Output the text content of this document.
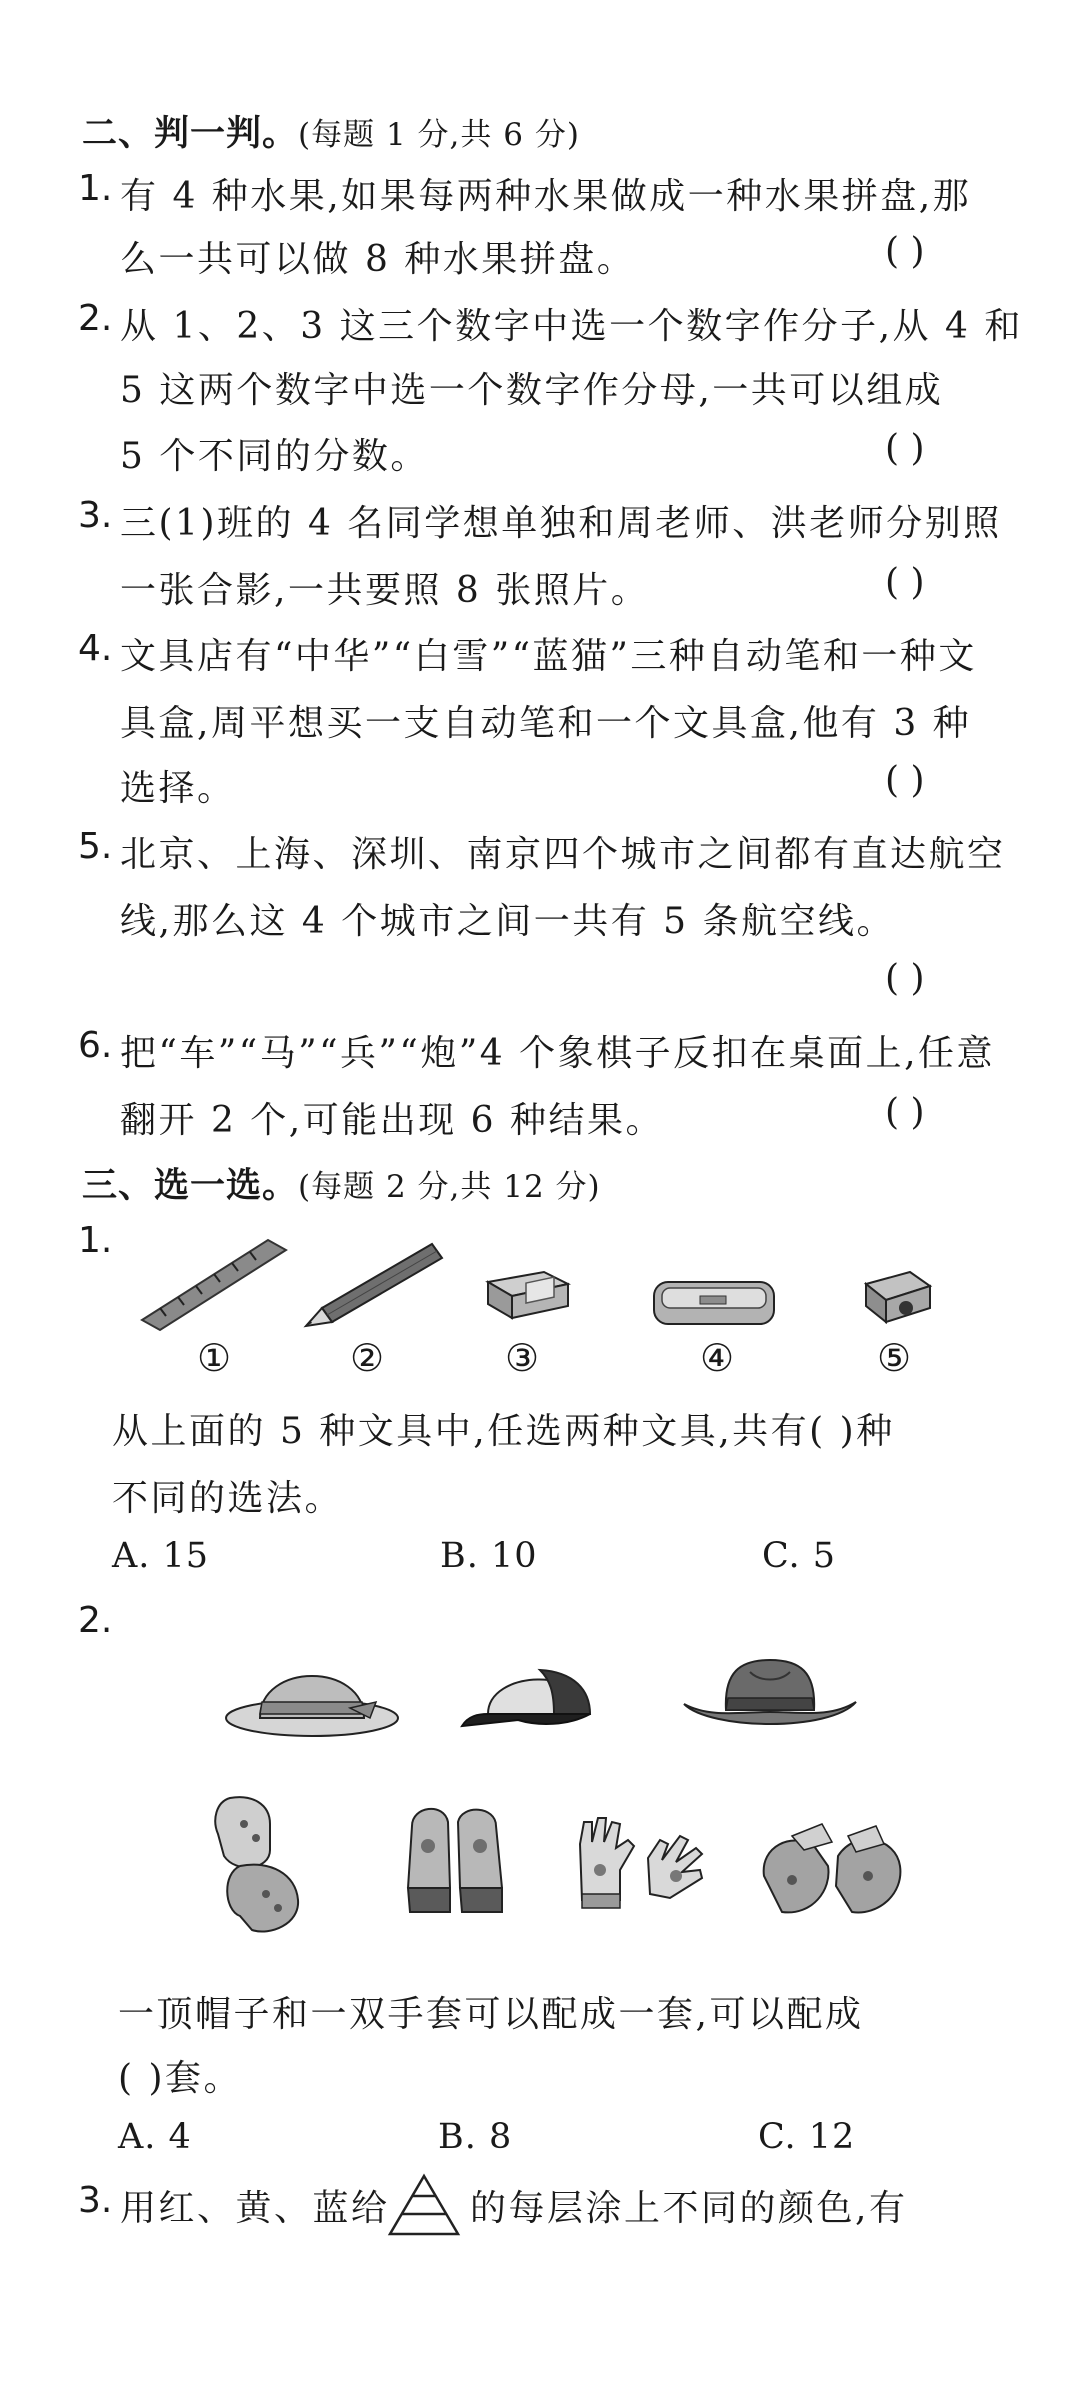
二、判一判。(每题 1 分,共 6 分)
1. 有 4 种水果,如果每两种水果做成一种水果拼盘,那
么一共可以做 8 种水果拼盘。	( )
2. 从 1、2、3 这三个数字中选一个数字作分子,从 4 和
5 这两个数字中选一个数字作分母,一共可以组成
5 个不同的分数。	( )
3. 三(1)班的 4 名同学想单独和周老师、洪老师分别照
一张合影,一共要照 8 张照片。	( )
4. 文具店有“中华”“白雪”“蓝猫”三种自动笔和一种文
具盒,周平想买一支自动笔和一个文具盒,他有 3 种
选择。	( )
5. 北京、上海、深圳、南京四个城市之间都有直达航空
线,那么这 4 个城市之间一共有 5 条航空线。
( )
6. 把“车”“马”“兵”“炮”4 个象棋子反扣在桌面上,任意
翻开 2 个,可能出现 6 种结果。	( )
三、选一选。(每题 2 分,共 12 分)
1.
①	②	③	④	⑤
从上面的 5 种文具中,任选两种文具,共有( )种
不同的选法。
A. 15	B. 10	C. 5
2.
一顶帽子和一双手套可以配成一套,可以配成
( )套。
A. 4	B. 8	C. 12
3. 用红、黄、蓝给 的每层涂上不同的颜色,有
